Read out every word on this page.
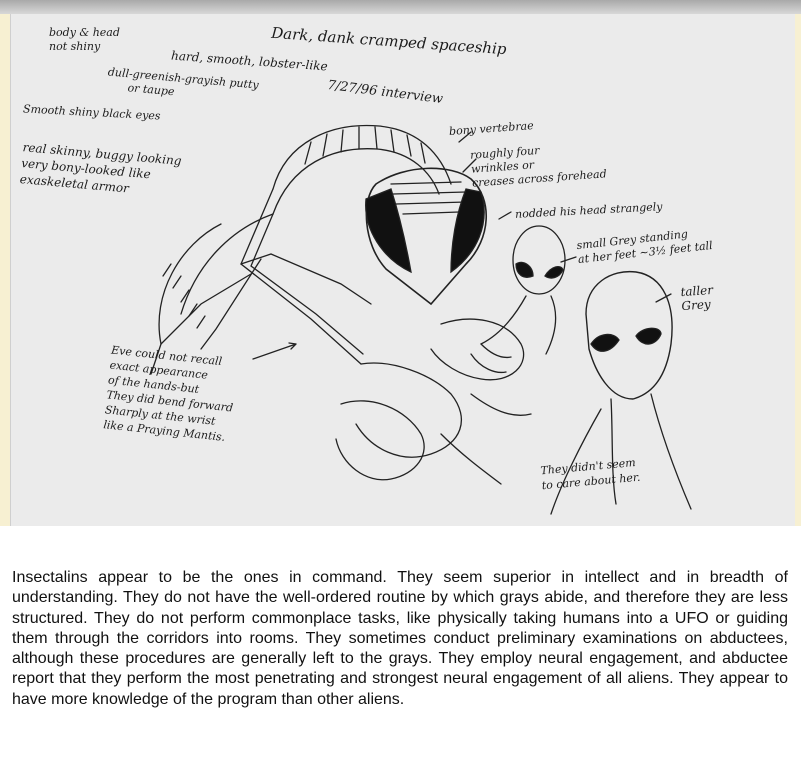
body & head
not shiny	Dark, dank cramped spaceship
hard, smooth, lobster-like
dull-greenish-grayish putty
or taupe	7/27/96 interview
Smooth shiny black eyes
bony vertebrae
real skinny, buggy looking
very bony-looked like
exaskeletal armor
roughly four
wrinkles or
creases across forehead
nodded his head strangely
small Grey standing
at her feet ~3½ feet tall
taller
Grey
Eve could not recall
exact appearance
of the hands-but
They did bend forward
Sharply at the wrist
like a Praying Mantis.
They didn't seem
to care about her.

Insectalins appear to be the ones in command. They seem superior in intellect and in breadth of understanding. They do not have the well-ordered routine by which grays abide, and therefore they are less structured. They do not perform commonplace tasks, like physically taking humans into a UFO or guiding them through the corridors into rooms. They sometimes conduct preliminary examinations on abductees, although these procedures are generally left to the grays. They employ neural engagement, and abductee report that they perform the most penetrating and strongest neural engagement of all aliens. They appear to have more knowledge of the program than other aliens.
